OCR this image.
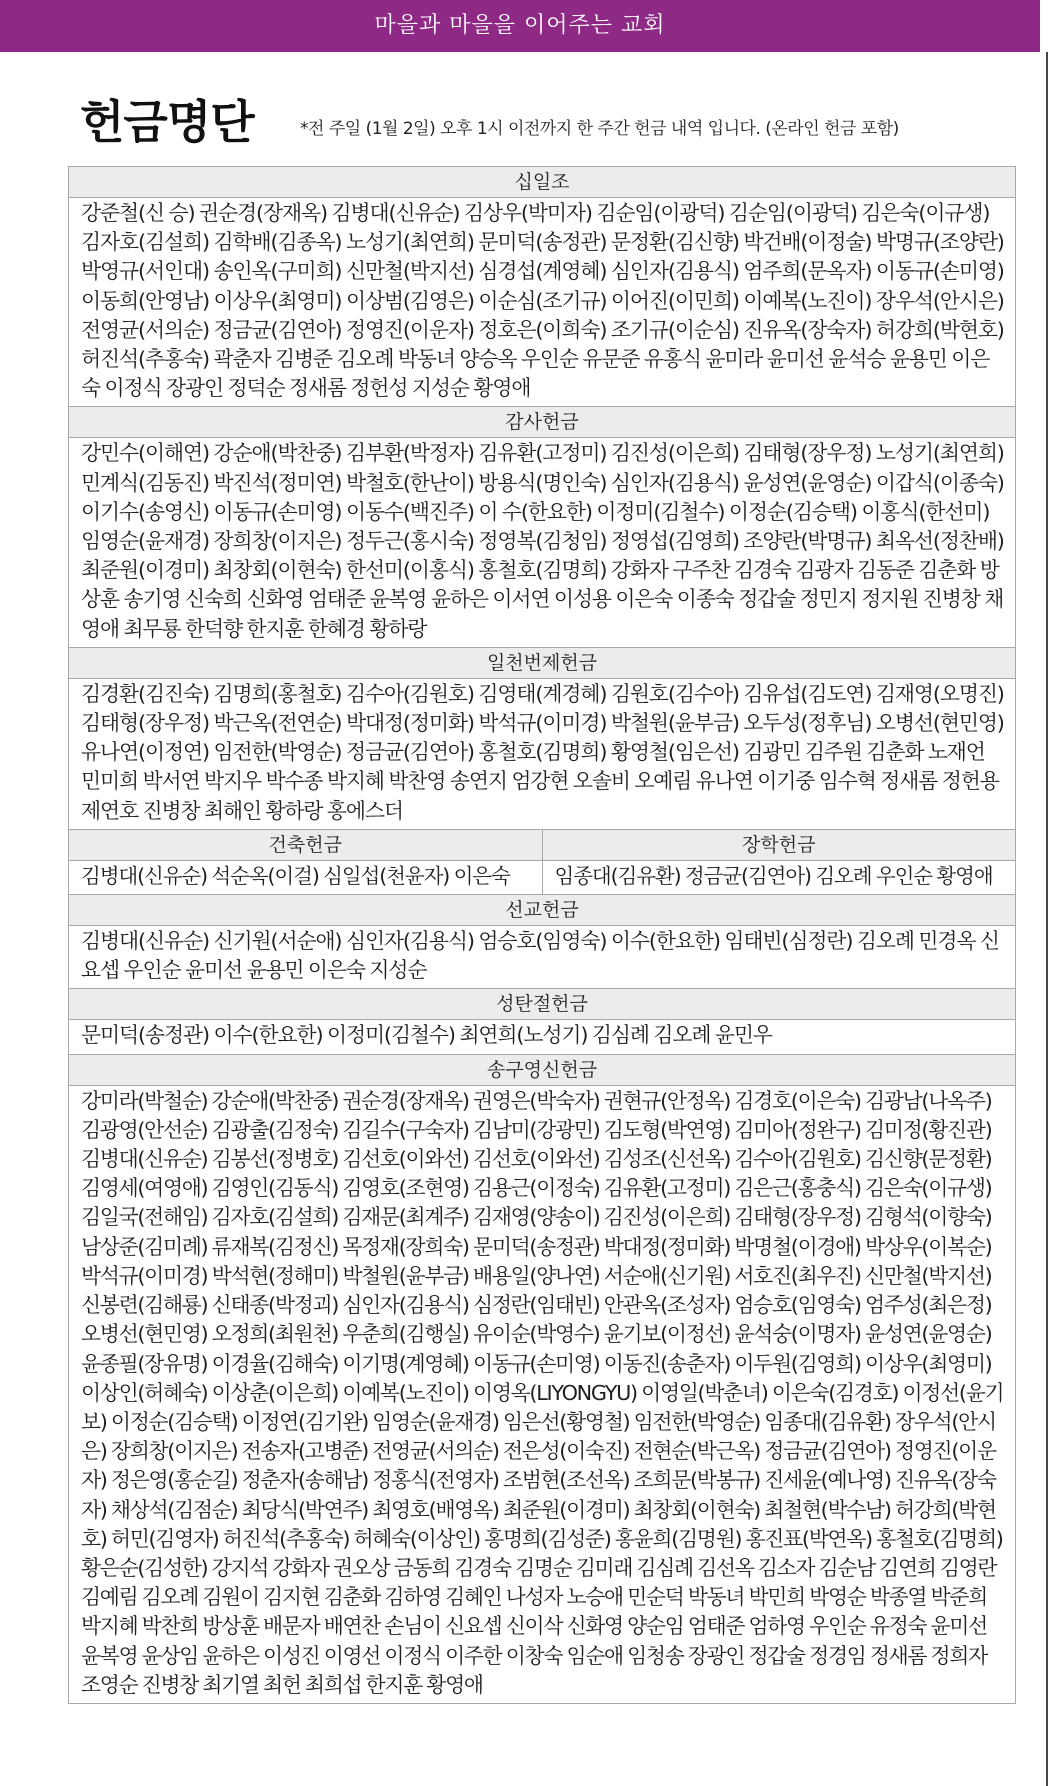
마을과 마을을 이어주는 교회
헌금명단	*전 주일 (1월 2일) 오후 1시 이전까지 한 주간 헌금 내역 입니다. (온라인 헌금 포함)
십일조
강준철(신 승) 권순경(장재옥) 김병대(신유순) 김상우(박미자) 김순임(이광덕) 김순임(이광덕) 김은숙(이규생) 김자호(김설희) 김학배(김종옥) 노성기(최연희) 문미덕(송정관) 문정환(김신향) 박건배(이정술) 박명규(조양란) 박영규(서인대) 송인옥(구미희) 신만철(박지선) 심경섭(계영혜) 심인자(김용식) 엄주희(문옥자) 이동규(손미영) 이동희(안영남) 이상우(최영미) 이상범(김영은) 이순심(조기규) 이어진(이민희) 이예복(노진이) 장우석(안시은) 전영균(서의순) 정금균(김연아) 정영진(이운자) 정호은(이희숙) 조기규(이순심) 진유옥(장숙자) 허강희(박현호) 허진석(추홍숙) 곽춘자 김병준 김오례 박동녀 양승옥 우인순 유문준 유홍식 윤미라 윤미선 윤석승 윤용민 이은숙 이정식 장광인 정덕순 정새롬 정헌성 지성순 황영애
감사헌금
강민수(이해연) 강순애(박찬중) 김부환(박정자) 김유환(고정미) 김진성(이은희) 김태형(장우정) 노성기(최연희) 민계식(김동진) 박진석(정미연) 박철호(한난이) 방용식(명인숙) 심인자(김용식) 윤성연(윤영순) 이갑식(이종숙) 이기수(송영신) 이동규(손미영) 이동수(백진주) 이 수(한요한) 이정미(김철수) 이정순(김승택) 이홍식(한선미) 임영순(윤재경) 장희창(이지은) 정두근(홍시숙) 정영복(김청임) 정영섭(김영희) 조양란(박명규) 최옥선(정찬배) 최준원(이경미) 최창회(이현숙) 한선미(이홍식) 홍철호(김명희) 강화자 구주찬 김경숙 김광자 김동준 김춘화 방상훈 송기영 신숙희 신화영 엄태준 윤복영 윤하은 이서연 이성용 이은숙 이종숙 정갑술 정민지 정지원 진병창 채영애 최무룡 한덕향 한지훈 한혜경 황하랑
일천번제헌금
김경환(김진숙) 김명희(홍철호) 김수아(김원호) 김영태(계경혜) 김원호(김수아) 김유섭(김도연) 김재영(오명진) 김태형(장우정) 박근옥(전연순) 박대정(정미화) 박석규(이미경) 박철원(윤부금) 오두성(정후님) 오병선(현민영) 유나연(이정연) 임전한(박영순) 정금균(김연아) 홍철호(김명희) 황영철(임은선) 김광민 김주원 김춘화 노재언 민미희 박서연 박지우 박수종 박지혜 박찬영 송연지 엄강현 오솔비 오예림 유나연 이기중 임수혁 정새롬 정헌용 제연호 진병창 최해인 황하랑 홍에스더
건축헌금
김병대(신유순) 석순옥(이걸) 심일섭(천윤자) 이은숙
장학헌금
임종대(김유환) 정금균(김연아) 김오례 우인순 황영애
선교헌금
김병대(신유순) 신기원(서순애) 심인자(김용식) 엄승호(임영숙) 이수(한요한) 임태빈(심정란) 김오례 민경옥 신요셉 우인순 윤미선 윤용민 이은숙 지성순
성탄절헌금
문미덕(송정관) 이수(한요한) 이정미(김철수) 최연희(노성기) 김심례 김오례 윤민우
송구영신헌금
강미라(박철순) 강순애(박찬중) 권순경(장재옥) 권영은(박숙자) 권현규(안정옥) 김경호(이은숙) 김광남(나옥주) 김광영(안선순) 김광출(김정숙) 김길수(구숙자) 김남미(강광민) 김도형(박연영) 김미아(정완구) 김미정(황진관) 김병대(신유순) 김봉선(정병호) 김선호(이와선) 김선호(이와선) 김성조(신선옥) 김수아(김원호) 김신향(문정환) 김영세(여영애) 김영인(김동식) 김영호(조현영) 김용근(이정숙) 김유환(고정미) 김은근(홍충식) 김은숙(이규생) 김일국(전해임) 김자호(김설희) 김재문(최계주) 김재영(양송이) 김진성(이은희) 김태형(장우정) 김형석(이향숙) 남상준(김미례) 류재복(김정신) 목정재(장희숙) 문미덕(송정관) 박대정(정미화) 박명철(이경애) 박상우(이복순) 박석규(이미경) 박석현(정해미) 박철원(윤부금) 배용일(양나연) 서순애(신기원) 서호진(최우진) 신만철(박지선) 신봉련(김해룡) 신태종(박정괴) 심인자(김용식) 심정란(임태빈) 안관옥(조성자) 엄승호(임영숙) 엄주성(최은정) 오병선(현민영) 오정희(최원천) 우춘희(김행실) 유이순(박영수) 윤기보(이정선) 윤석숭(이명자) 윤성연(윤영순) 윤종필(장유명) 이경율(김해숙) 이기명(계영혜) 이동규(손미영) 이동진(송춘자) 이두원(김영희) 이상우(최영미) 이상인(허혜숙) 이상춘(이은희) 이예복(노진이) 이영옥(LIYONGYU) 이영일(박춘녀) 이은숙(김경호) 이정선(윤기보) 이정순(김승택) 이정연(김기완) 임영순(윤재경) 임은선(황영철) 임전한(박영순) 임종대(김유환) 장우석(안시은) 장희창(이지은) 전송자(고병준) 전영균(서의순) 전은성(이숙진) 전현순(박근옥) 정금균(김연아) 정영진(이운자) 정은영(홍순길) 정춘자(송해남) 정홍식(전영자) 조범현(조선옥) 조희문(박봉규) 진세윤(예나영) 진유옥(장숙자) 채상석(김점순) 최당식(박연주) 최영호(배영옥) 최준원(이경미) 최창회(이현숙) 최철현(박수남) 허강희(박현호) 허민(김영자) 허진석(추홍숙) 허혜숙(이상인) 홍명희(김성준) 홍윤희(김명원) 홍진표(박연옥) 홍철호(김명희) 황은순(김성한) 강지석 강화자 권오상 금동희 김경숙 김명순 김미래 김심례 김선옥 김소자 김순남 김연희 김영란 김예림 김오례 김원이 김지현 김춘화 김하영 김혜인 나성자 노승애 민순덕 박동녀 박민희 박영순 박종열 박준희 박지혜 박찬희 방상훈 배문자 배연찬 손님이 신요셉 신이삭 신화영 양순임 엄태준 엄하영 우인순 유정숙 윤미선 윤복영 윤상임 윤하은 이성진 이영선 이정식 이주한 이창숙 임순애 임청송 장광인 정갑술 정경임 정새롬 정희자 조영순 진병창 최기열 최헌 최희섭 한지훈 황영애
